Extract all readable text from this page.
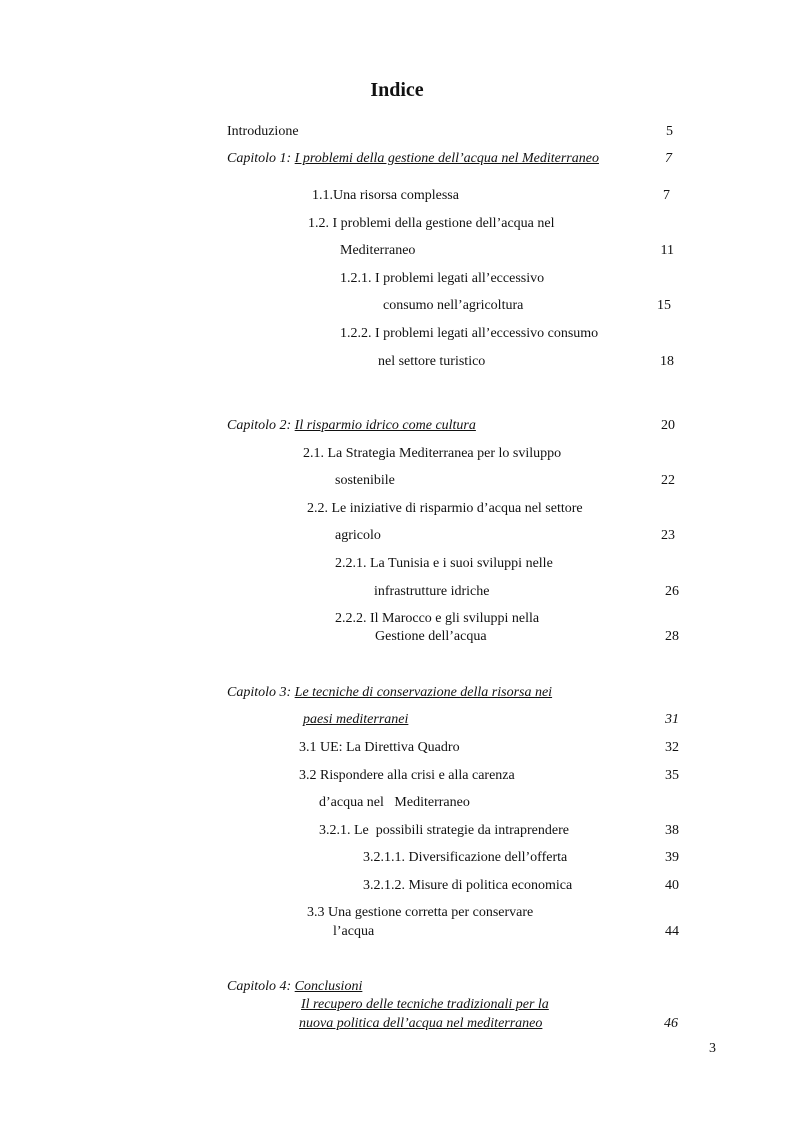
Indice
Introduzione	5
Capitolo 1: I problemi della gestione dell’acqua nel Mediterraneo	7
1.1.Una risorsa complessa	7
1.2. I problemi della gestione dell’acqua nel
Mediterraneo	11
1.2.1. I problemi legati all’eccessivo
consumo nell’agricoltura	15
1.2.2. I problemi legati all’eccessivo consumo
nel settore turistico	18
Capitolo 2: Il risparmio idrico come cultura	20
2.1. La Strategia Mediterranea per lo sviluppo
sostenibile	22
2.2. Le iniziative di risparmio d’acqua nel settore
agricolo	23
2.2.1. La Tunisia e i suoi sviluppi nelle
infrastrutture idriche	26
2.2.2. Il Marocco e gli sviluppi nella
Gestione dell’acqua	28
Capitolo 3: Le tecniche di conservazione della risorsa nei
paesi mediterranei	31
3.1 UE: La Direttiva Quadro	32
3.2 Rispondere alla crisi e alla carenza	35
d’acqua nel   Mediterraneo
3.2.1. Le  possibili strategie da intraprendere	38
3.2.1.1. Diversificazione dell’offerta	39
3.2.1.2. Misure di politica economica	40
3.3 Una gestione corretta per conservare
l’acqua	44
Capitolo 4: Conclusioni
Il recupero delle tecniche tradizionali per la
nuova politica dell’acqua nel mediterraneo	46
3
